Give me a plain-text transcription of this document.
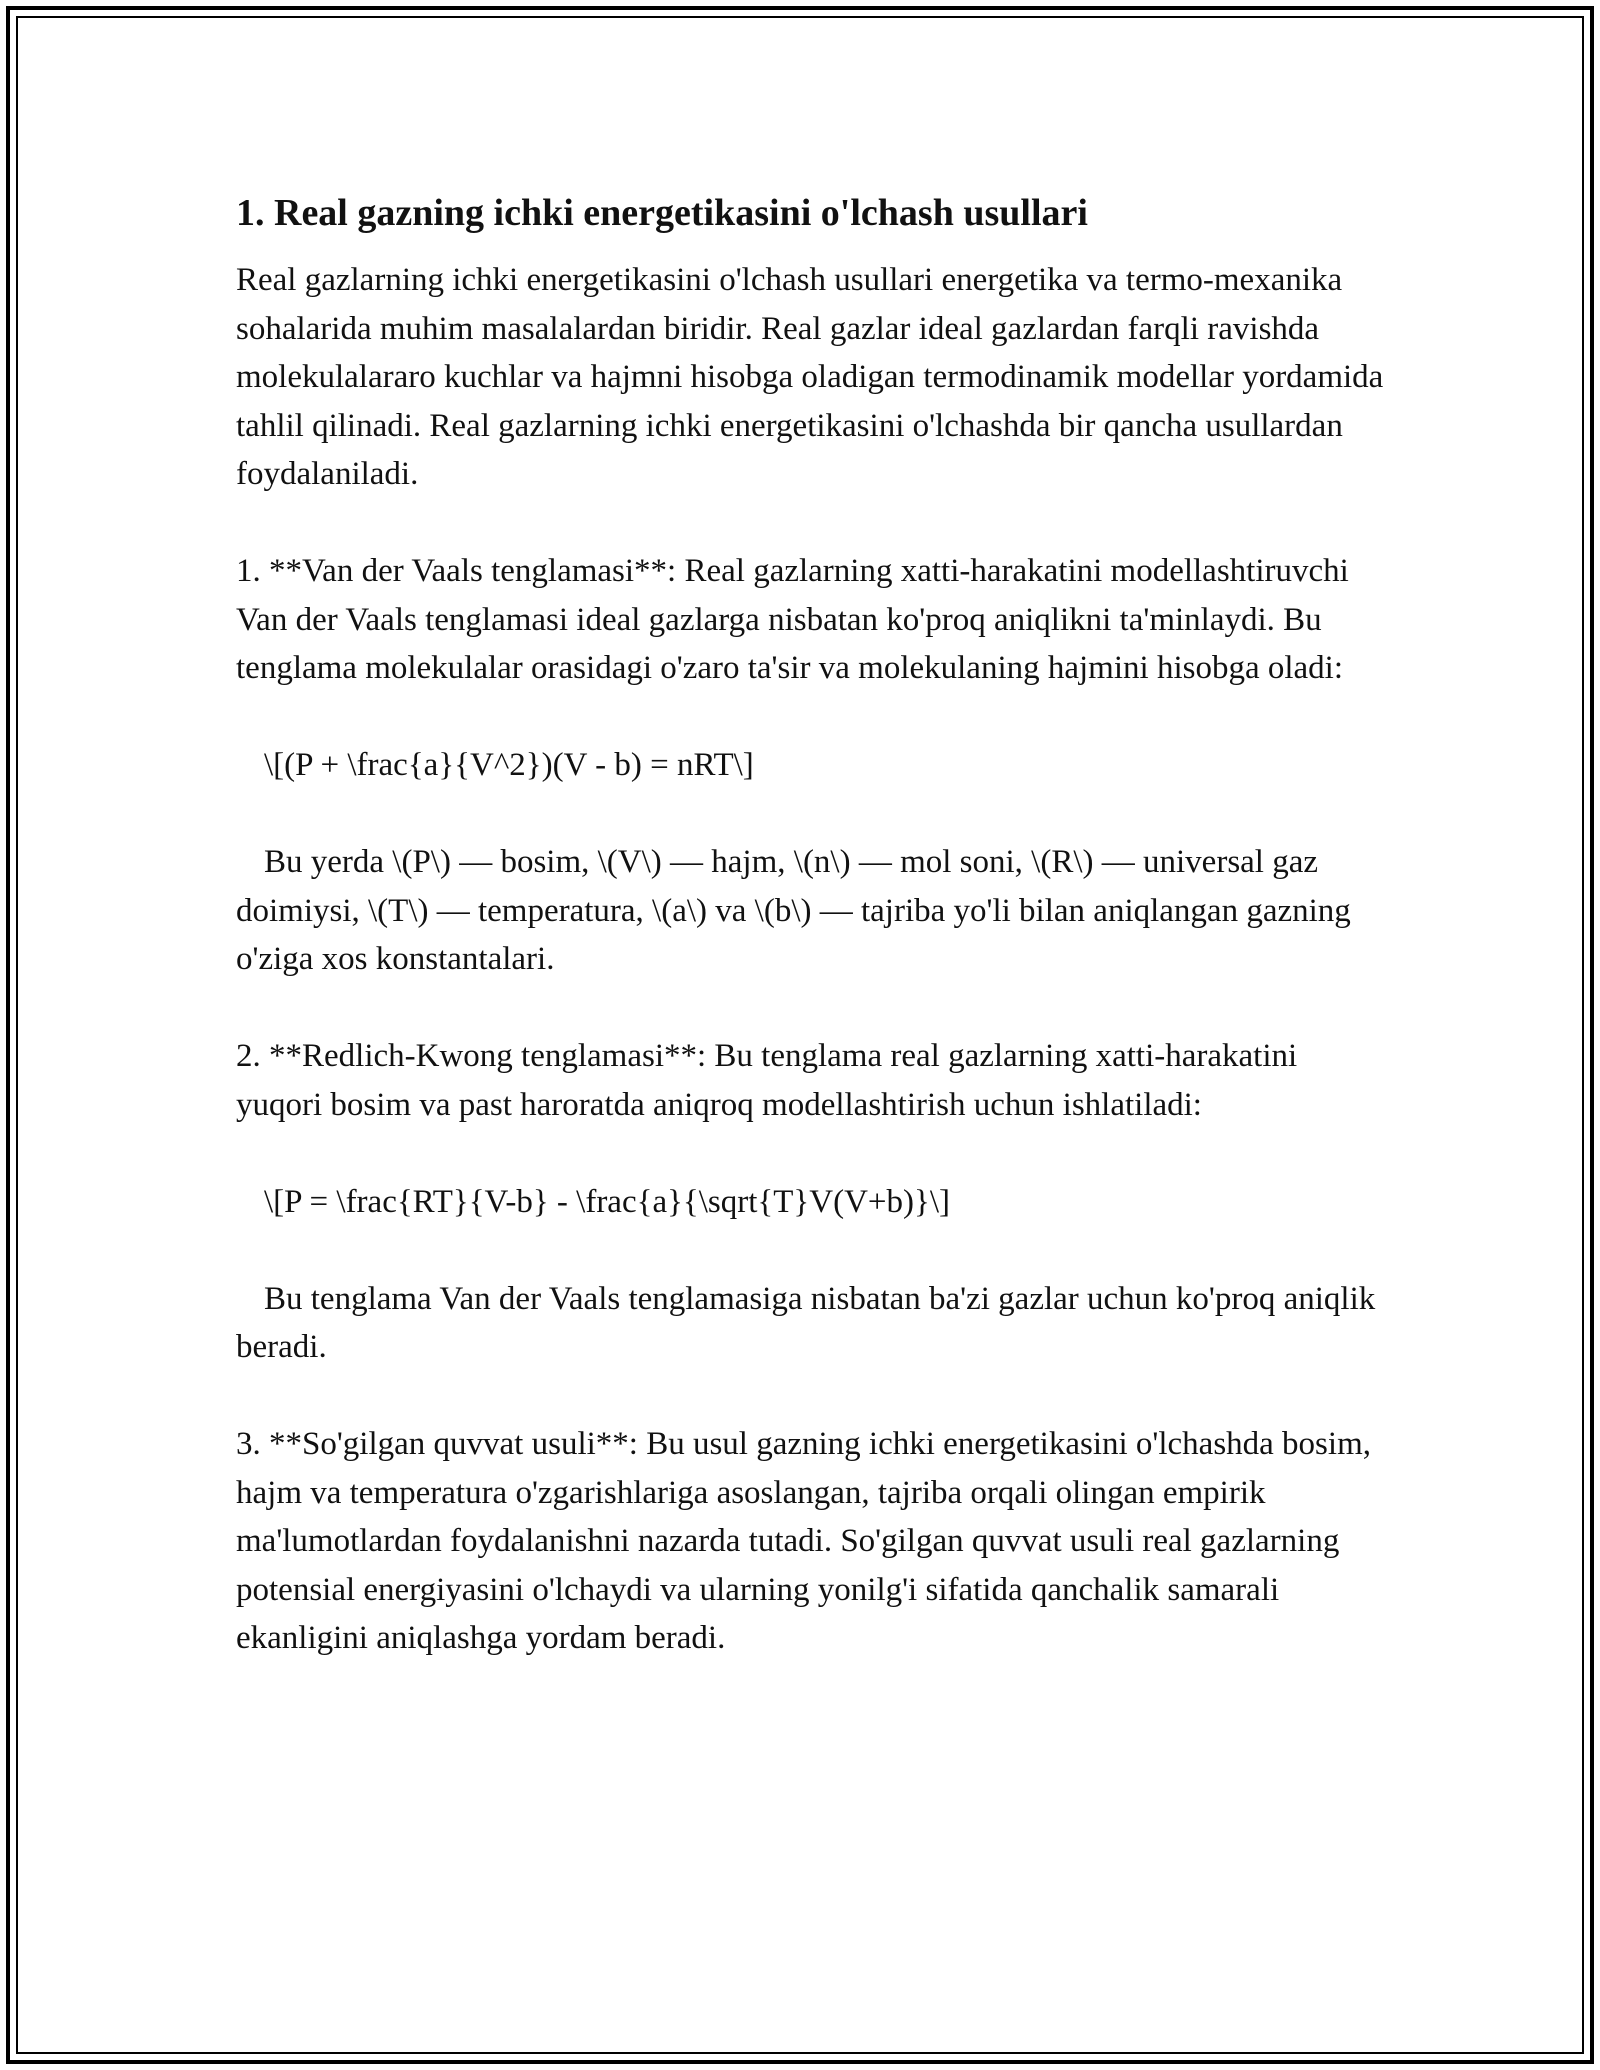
1. Real gazning ichki energetikasini o'lchash usullari

Real gazlarning ichki energetikasini o'lchash usullari energetika va termo-mexanika sohalarida muhim masalalardan biridir. Real gazlar ideal gazlardan farqli ravishda molekulalararo kuchlar va hajmni hisobga oladigan termodinamik modellar yordamida tahlil qilinadi. Real gazlarning ichki energetikasini o'lchashda bir qancha usullardan foydalaniladi.

1. **Van der Vaals tenglamasi**: Real gazlarning xatti-harakatini modellashtiruvchi Van der Vaals tenglamasi ideal gazlarga nisbatan ko'proq aniqlikni ta'minlaydi. Bu tenglama molekulalar orasidagi o'zaro ta'sir va molekulaning hajmini hisobga oladi:

\[(P + \frac{a}{V^2})(V - b) = nRT\]

Bu yerda \(P\) — bosim, \(V\) — hajm, \(n\) — mol soni, \(R\) — universal gaz doimiysi, \(T\) — temperatura, \(a\) va \(b\) — tajriba yo'li bilan aniqlangan gazning o'ziga xos konstantalari.

2. **Redlich-Kwong tenglamasi**: Bu tenglama real gazlarning xatti-harakatini yuqori bosim va past haroratda aniqroq modellashtirish uchun ishlatiladi:

\[P = \frac{RT}{V-b} - \frac{a}{\sqrt{T}V(V+b)}\]

Bu tenglama Van der Vaals tenglamasiga nisbatan ba'zi gazlar uchun ko'proq aniqlik beradi.

3. **So'gilgan quvvat usuli**: Bu usul gazning ichki energetikasini o'lchashda bosim, hajm va temperatura o'zgarishlariga asoslangan, tajriba orqali olingan empirik ma'lumotlardan foydalanishni nazarda tutadi. So'gilgan quvvat usuli real gazlarning potensial energiyasini o'lchaydi va ularning yonilg'i sifatida qanchalik samarali ekanligini aniqlashga yordam beradi.
